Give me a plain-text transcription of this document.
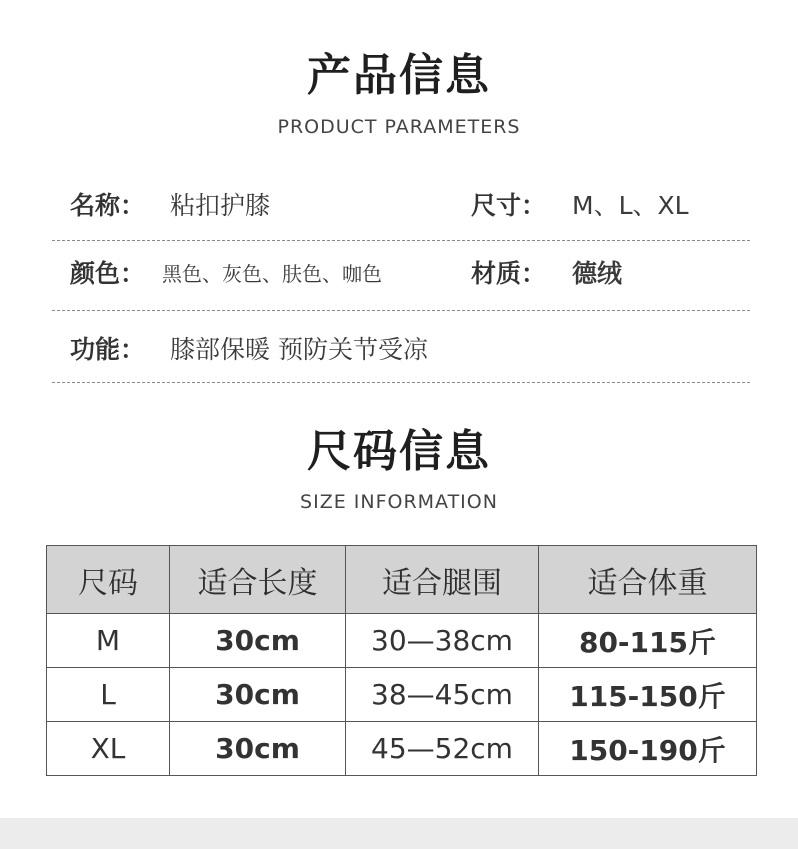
产品信息
PRODUCT PARAMETERS
名称： 粘扣护膝	尺寸： M、L、XL
颜色： 黑色、灰色、肤色、咖色	材质： 德绒
功能： 膝部保暖 预防关节受凉
尺码信息
SIZE INFORMATION
尺码	适合长度	适合腿围	适合体重
M	30cm	30—38cm	80-115斤
L	30cm	38—45cm	115-150斤
XL	30cm	45—52cm	150-190斤
